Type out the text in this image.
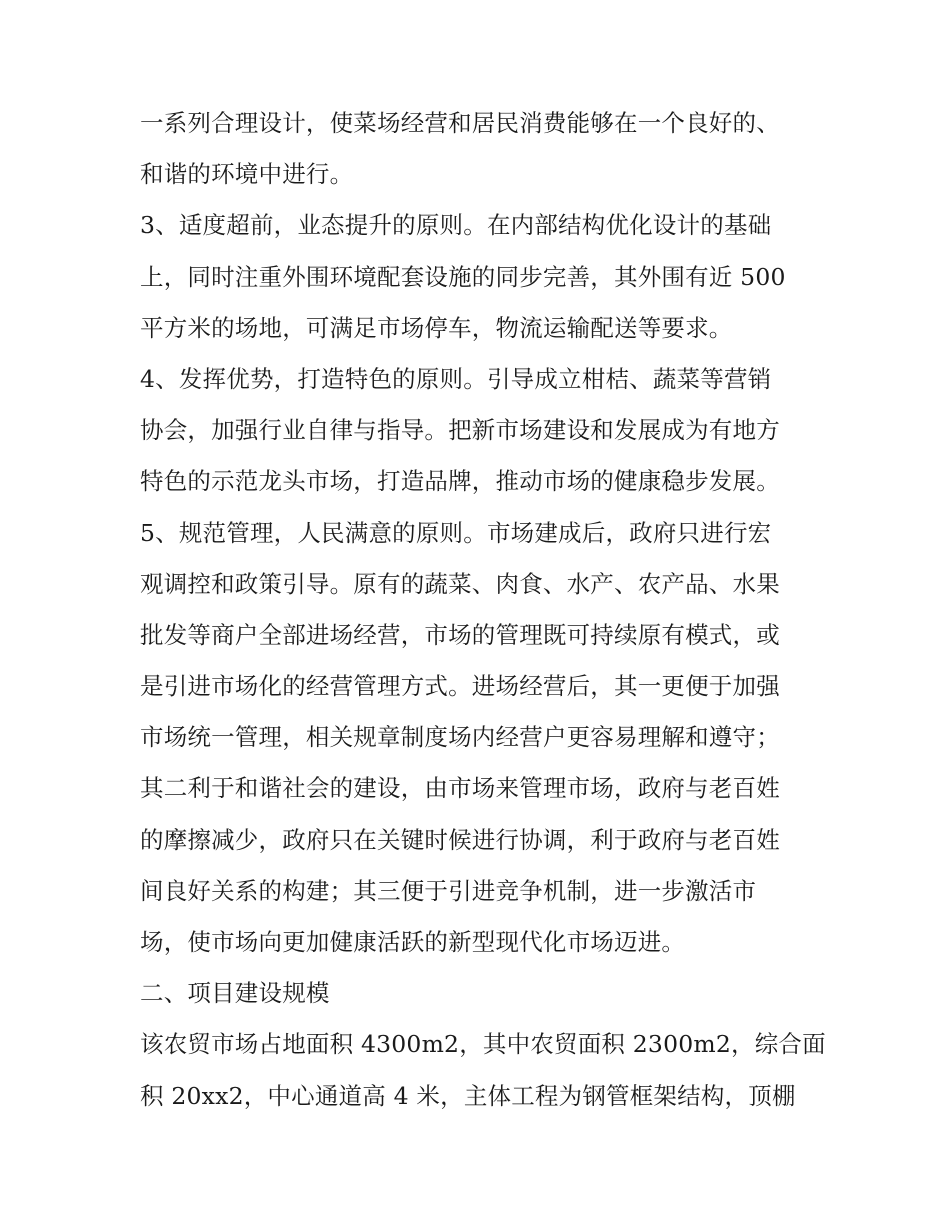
一系列合理设计，使菜场经营和居民消费能够在一个良好的、

和谐的环境中进行。

3、适度超前，业态提升的原则。在内部结构优化设计的基础

上，同时注重外围环境配套设施的同步完善，其外围有近 500

平方米的场地，可满足市场停车，物流运输配送等要求。

4、发挥优势，打造特色的原则。引导成立柑桔、蔬菜等营销

协会，加强行业自律与指导。把新市场建设和发展成为有地方

特色的示范龙头市场，打造品牌，推动市场的健康稳步发展。

5、规范管理，人民满意的原则。市场建成后，政府只进行宏

观调控和政策引导。原有的蔬菜、肉食、水产、农产品、水果

批发等商户全部进场经营，市场的管理既可持续原有模式，或

是引进市场化的经营管理方式。进场经营后，其一更便于加强

市场统一管理，相关规章制度场内经营户更容易理解和遵守；

其二利于和谐社会的建设，由市场来管理市场，政府与老百姓

的摩擦减少，政府只在关键时候进行协调，利于政府与老百姓

间良好关系的构建；其三便于引进竞争机制，进一步激活市

场，使市场向更加健康活跃的新型现代化市场迈进。

二、项目建设规模

该农贸市场占地面积 4300m2，其中农贸面积 2300m2，综合面

积 20xx2，中心通道高 4 米，主体工程为钢管框架结构，顶棚
